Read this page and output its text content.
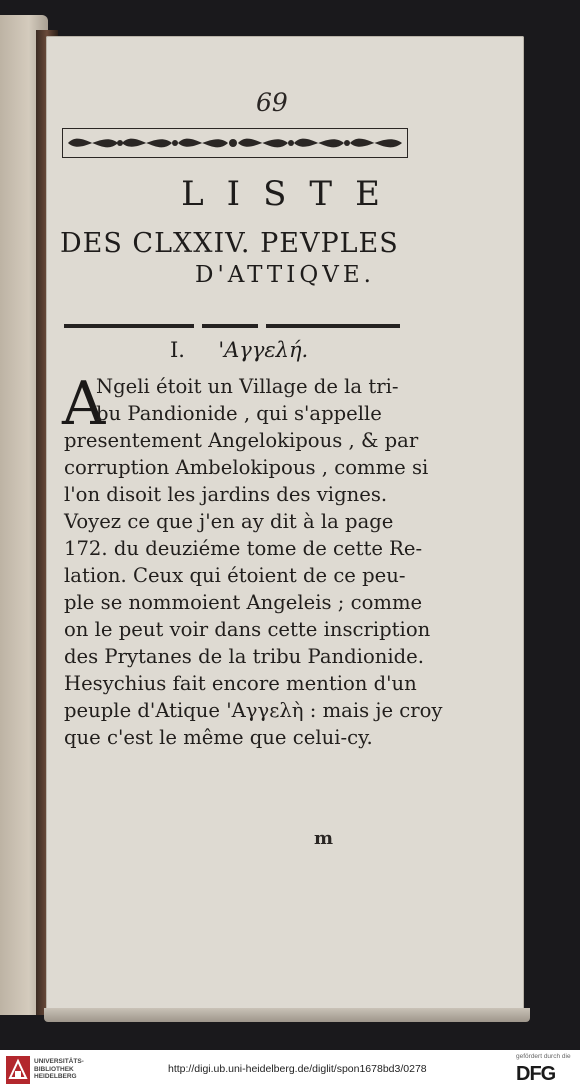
69
LISTE
DES CLXXIV. PEVPLES
D'ATTIQVE.
I. 'Αγγελή.
A
Ngeli étoit un Village de la tri-
bu Pandionide , qui s'appelle
presentement Angelokipous , & par
corruption Ambelokipous , comme si
l'on disoit les jardins des vignes.
Voyez ce que j'en ay dit à la page
172. du deuziéme tome de cette Re-
lation. Ceux qui étoient de ce peu-
ple se nommoient Angeleis ; comme
on le peut voir dans cette inscription
des Prytanes de la tribu Pandionide.
Hesychius fait encore mention d'un
peuple d'Atique 'Αγγελὴ : mais je croy
que c'est le même que celui-cy.
m
UNIVERSITÄTS-
BIBLIOTHEK
HEIDELBERG
http://digi.ub.uni-heidelberg.de/diglit/spon1678bd3/0278
gefördert durch die
DFG
